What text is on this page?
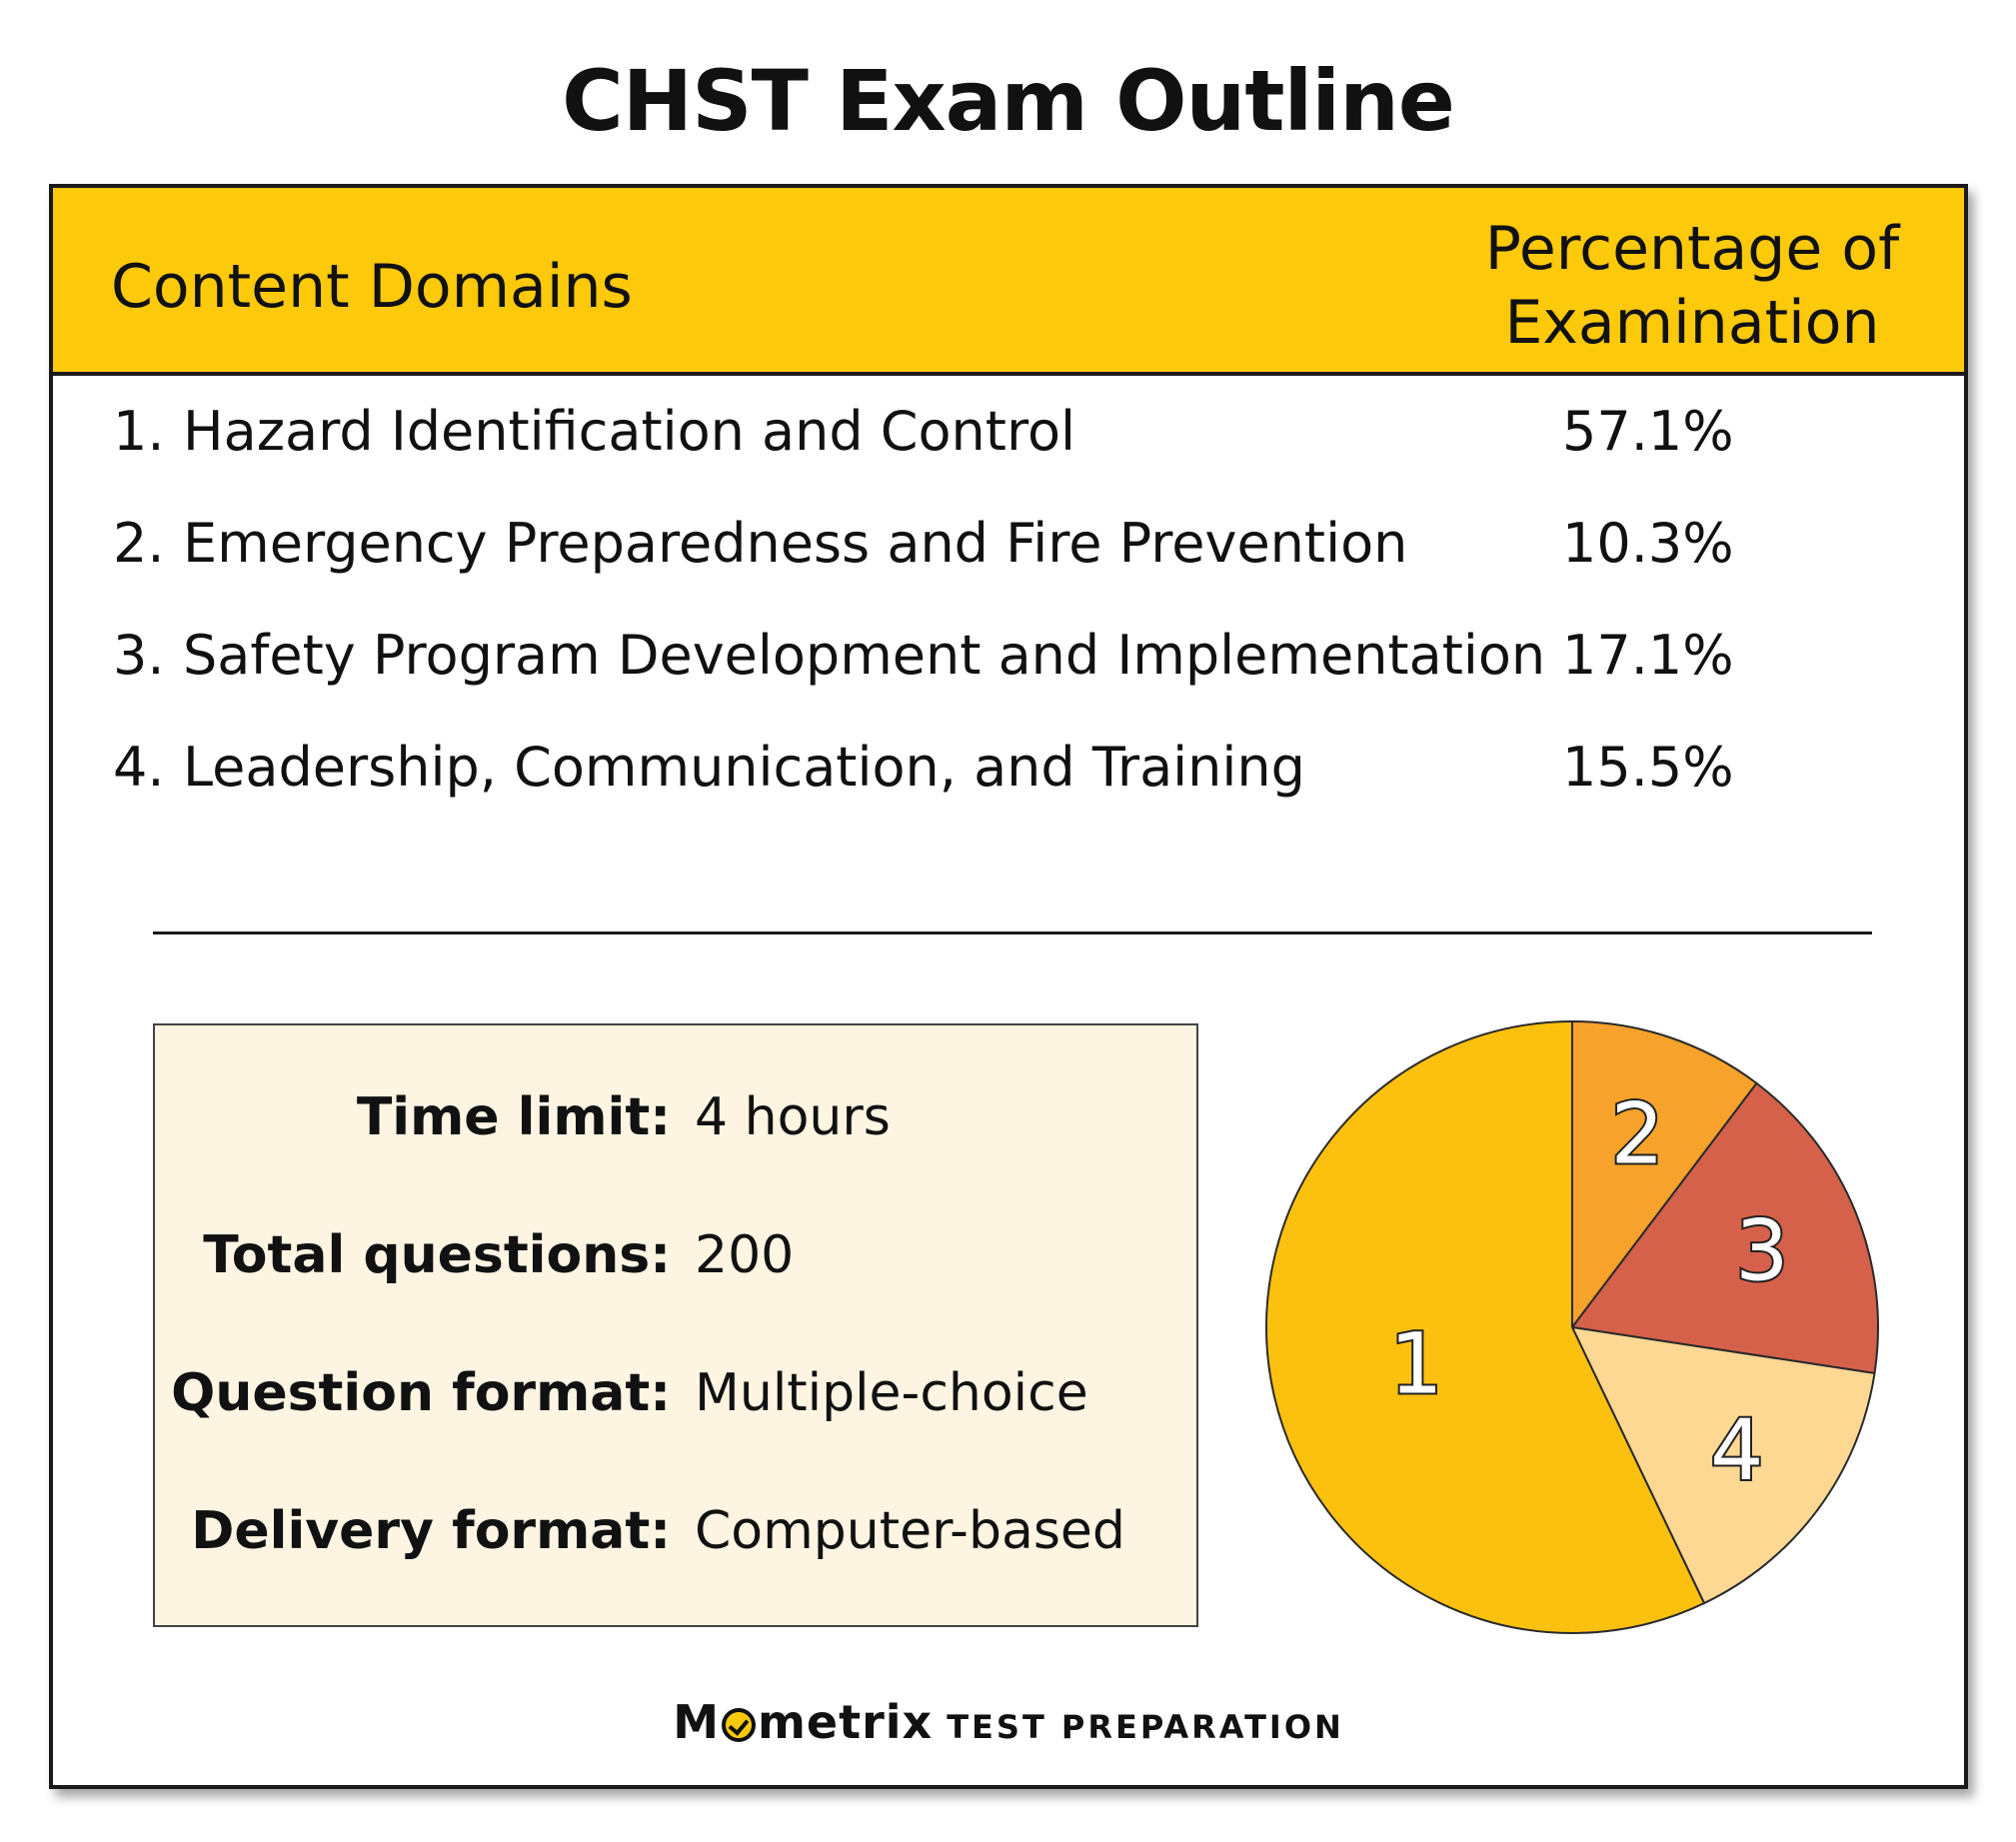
CHST Exam Outline
Content Domains
Percentage of
Examination
1. Hazard Identification and Control	57.1%
2. Emergency Preparedness and Fire Prevention	10.3%
3. Safety Program Development and Implementation 17.1%
4. Leadership, Communication, and Training	15.5%
Time limit: 4 hours
Total questions: 200
Question format: Multiple-choice
Delivery format: Computer-based
2
3
4
1
M metrix TEST PREPARATION
